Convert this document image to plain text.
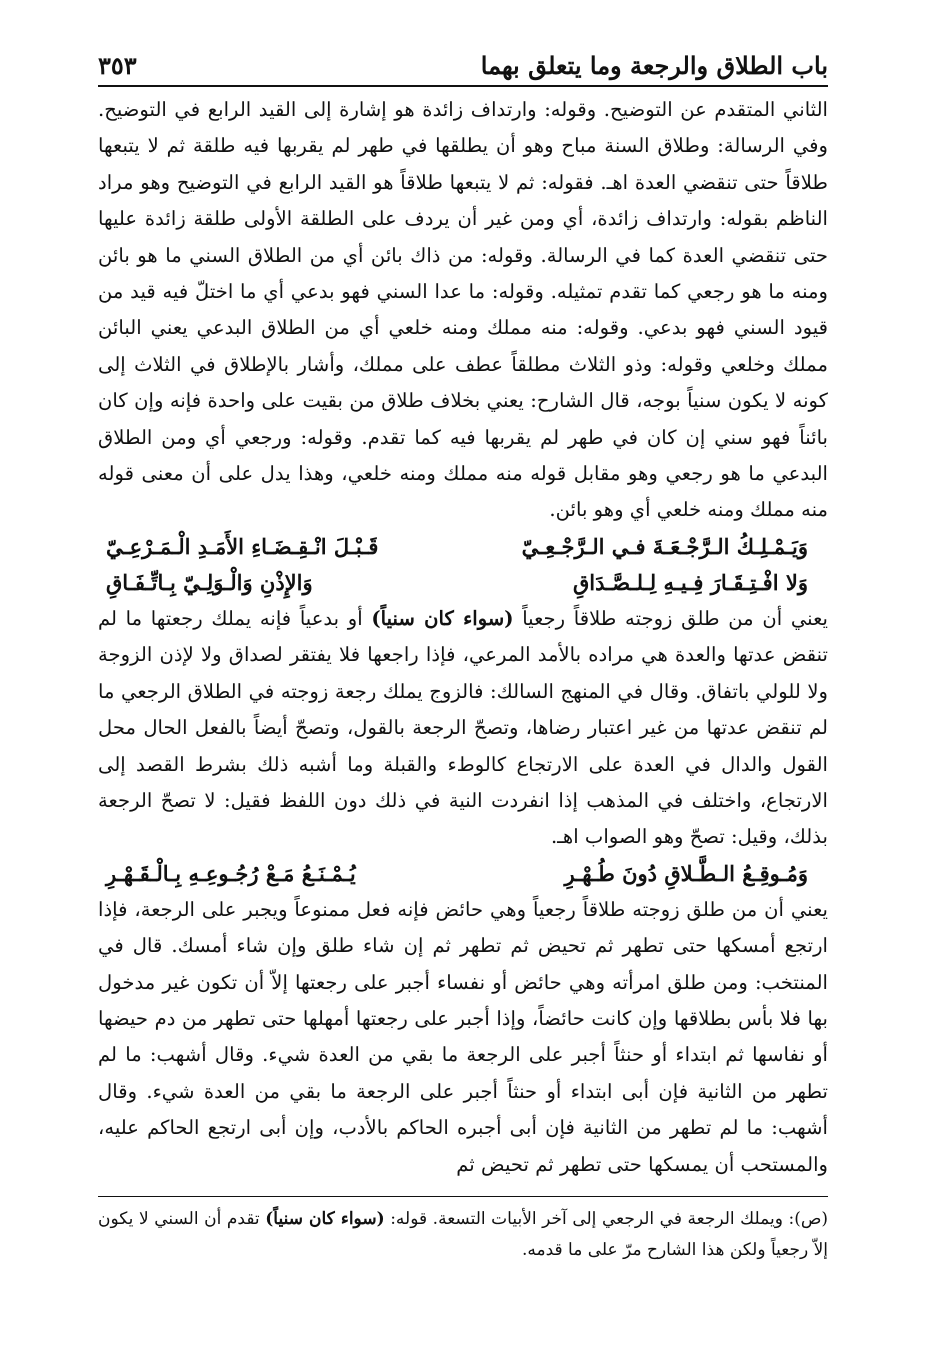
باب الطلاق والرجعة وما يتعلق بهما
٣٥٣

الثاني المتقدم عن التوضيح. وقوله: وارتداف زائدة هو إشارة إلى القيد الرابع في التوضيح. وفي الرسالة: وطلاق السنة مباح وهو أن يطلقها في طهر لم يقربها فيه طلقة ثم لا يتبعها طلاقاً حتى تنقضي العدة اهـ. فقوله: ثم لا يتبعها طلاقاً هو القيد الرابع في التوضيح وهو مراد الناظم بقوله: وارتداف زائدة، أي ومن غير أن يردف على الطلقة الأولى طلقة زائدة عليها حتى تنقضي العدة كما في الرسالة. وقوله: من ذاك بائن أي من الطلاق السني ما هو بائن ومنه ما هو رجعي كما تقدم تمثيله. وقوله: ما عدا السني فهو بدعي أي ما اختلّ فيه قيد من قيود السني فهو بدعي. وقوله: منه مملك ومنه خلعي أي من الطلاق البدعي يعني البائن مملك وخلعي وقوله: وذو الثلاث مطلقاً عطف على مملك، وأشار بالإطلاق في الثلاث إلى كونه لا يكون سنياً بوجه، قال الشارح: يعني بخلاف طلاق من بقيت على واحدة فإنه وإن كان بائناً فهو سني إن كان في طهر لم يقربها فيه كما تقدم. وقوله: ورجعي أي ومن الطلاق البدعي ما هو رجعي وهو مقابل قوله منه مملك ومنه خلعي، وهذا يدل على أن معنى قوله منه مملك ومنه خلعي أي وهو بائن.

وَيَـمْـلِـكُ الـرَّجْـعَـةَ فـي الـرَّجْـعِـيّ
قَـبْـلَ انْـقِـضَـاءِ الأَمَـدِ الْـمَـرْعِـيّ
وَلا افْـتِـقَـارَ فِـيـهِ لِـلـصَّـدَاقِ
وَالإِذْنِ وَالْـوَلِـيّ بِـاتِّـفَـاقِ

يعني أن من طلق زوجته طلاقاً رجعياً (سواء كان سنياً) أو بدعياً فإنه يملك رجعتها ما لم تنقض عدتها والعدة هي مراده بالأمد المرعي، فإذا راجعها فلا يفتقر لصداق ولا لإذن الزوجة ولا للولي باتفاق. وقال في المنهج السالك: فالزوج يملك رجعة زوجته في الطلاق الرجعي ما لم تنقض عدتها من غير اعتبار رضاها، وتصحّ الرجعة بالقول، وتصحّ أيضاً بالفعل الحال محل القول والدال في العدة على الارتجاع كالوطء والقبلة وما أشبه ذلك بشرط القصد إلى الارتجاع، واختلف في المذهب إذا انفردت النية في ذلك دون اللفظ فقيل: لا تصحّ الرجعة بذلك، وقيل: تصحّ وهو الصواب اهـ.

وَمُـوقِـعُ الـطَّـلاقِ دُونَ طُـهْـرِ
يُـمْـنَـعُ مَـعْ رُجُـوعِـهِ بِـالْـقَـهْـرِ

يعني أن من طلق زوجته طلاقاً رجعياً وهي حائض فإنه فعل ممنوعاً ويجبر على الرجعة، فإذا ارتجع أمسكها حتى تطهر ثم تحيض ثم تطهر ثم إن شاء طلق وإن شاء أمسك. قال في المنتخب: ومن طلق امرأته وهي حائض أو نفساء أجبر على رجعتها إلاّ أن تكون غير مدخول بها فلا بأس بطلاقها وإن كانت حائضاً، وإذا أجبر على رجعتها أمهلها حتى تطهر من دم حيضها أو نفاسها ثم ابتداء أو حنثاً أجبر على الرجعة ما بقي من العدة شيء. وقال أشهب: ما لم تطهر من الثانية فإن أبى ابتداء أو حنثاً أجبر على الرجعة ما بقي من العدة شيء. وقال أشهب: ما لم تطهر من الثانية فإن أبى أجبره الحاكم بالأدب، وإن أبى ارتجع الحاكم عليه، والمستحب أن يمسكها حتى تطهر ثم تحيض ثم

(ص): ويملك الرجعة في الرجعي إلى آخر الأبيات التسعة. قوله: (سواء كان سنياً) تقدم أن السني لا يكون إلاّ رجعياً ولكن هذا الشارح مرّ على ما قدمه.
